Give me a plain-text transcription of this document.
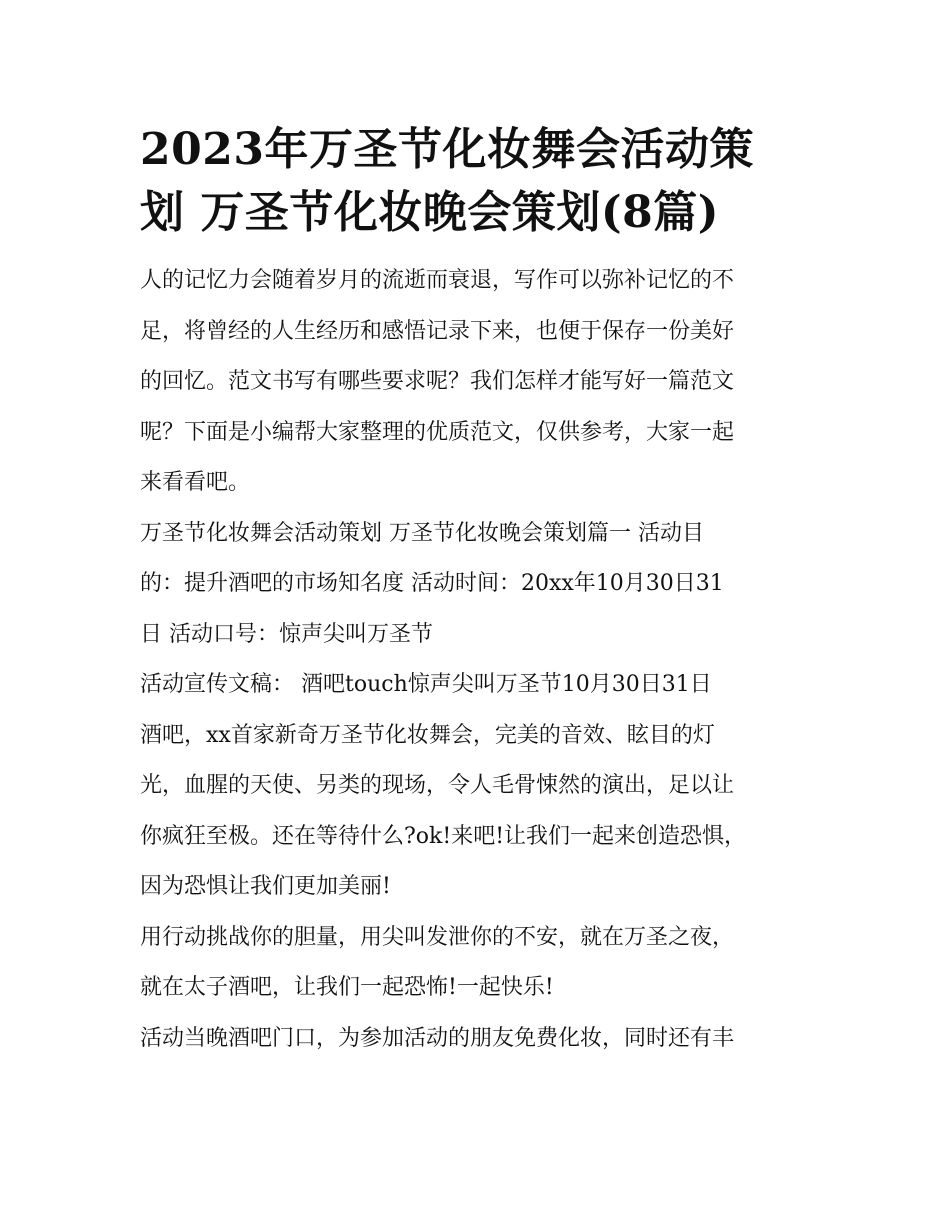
2023年万圣节化妆舞会活动策
划 万圣节化妆晚会策划(8篇)
人的记忆力会随着岁月的流逝而衰退，写作可以弥补记忆的不
足，将曾经的人生经历和感悟记录下来，也便于保存一份美好
的回忆。范文书写有哪些要求呢？我们怎样才能写好一篇范文
呢？下面是小编帮大家整理的优质范文，仅供参考，大家一起
来看看吧。
万圣节化妆舞会活动策划 万圣节化妆晚会策划篇一 活动目
的：提升酒吧的市场知名度 活动时间：20xx年10月30日31
日 活动口号：惊声尖叫万圣节
活动宣传文稿： 酒吧touch惊声尖叫万圣节10月30日31日
酒吧，xx首家新奇万圣节化妆舞会，完美的音效、眩目的灯
光，血腥的天使、另类的现场，令人毛骨悚然的演出，足以让
你疯狂至极。还在等待什么?ok!来吧!让我们一起来创造恐惧，
因为恐惧让我们更加美丽!
用行动挑战你的胆量，用尖叫发泄你的不安，就在万圣之夜，
就在太子酒吧，让我们一起恐怖!一起快乐!
活动当晚酒吧门口，为参加活动的朋友免费化妆，同时还有丰
